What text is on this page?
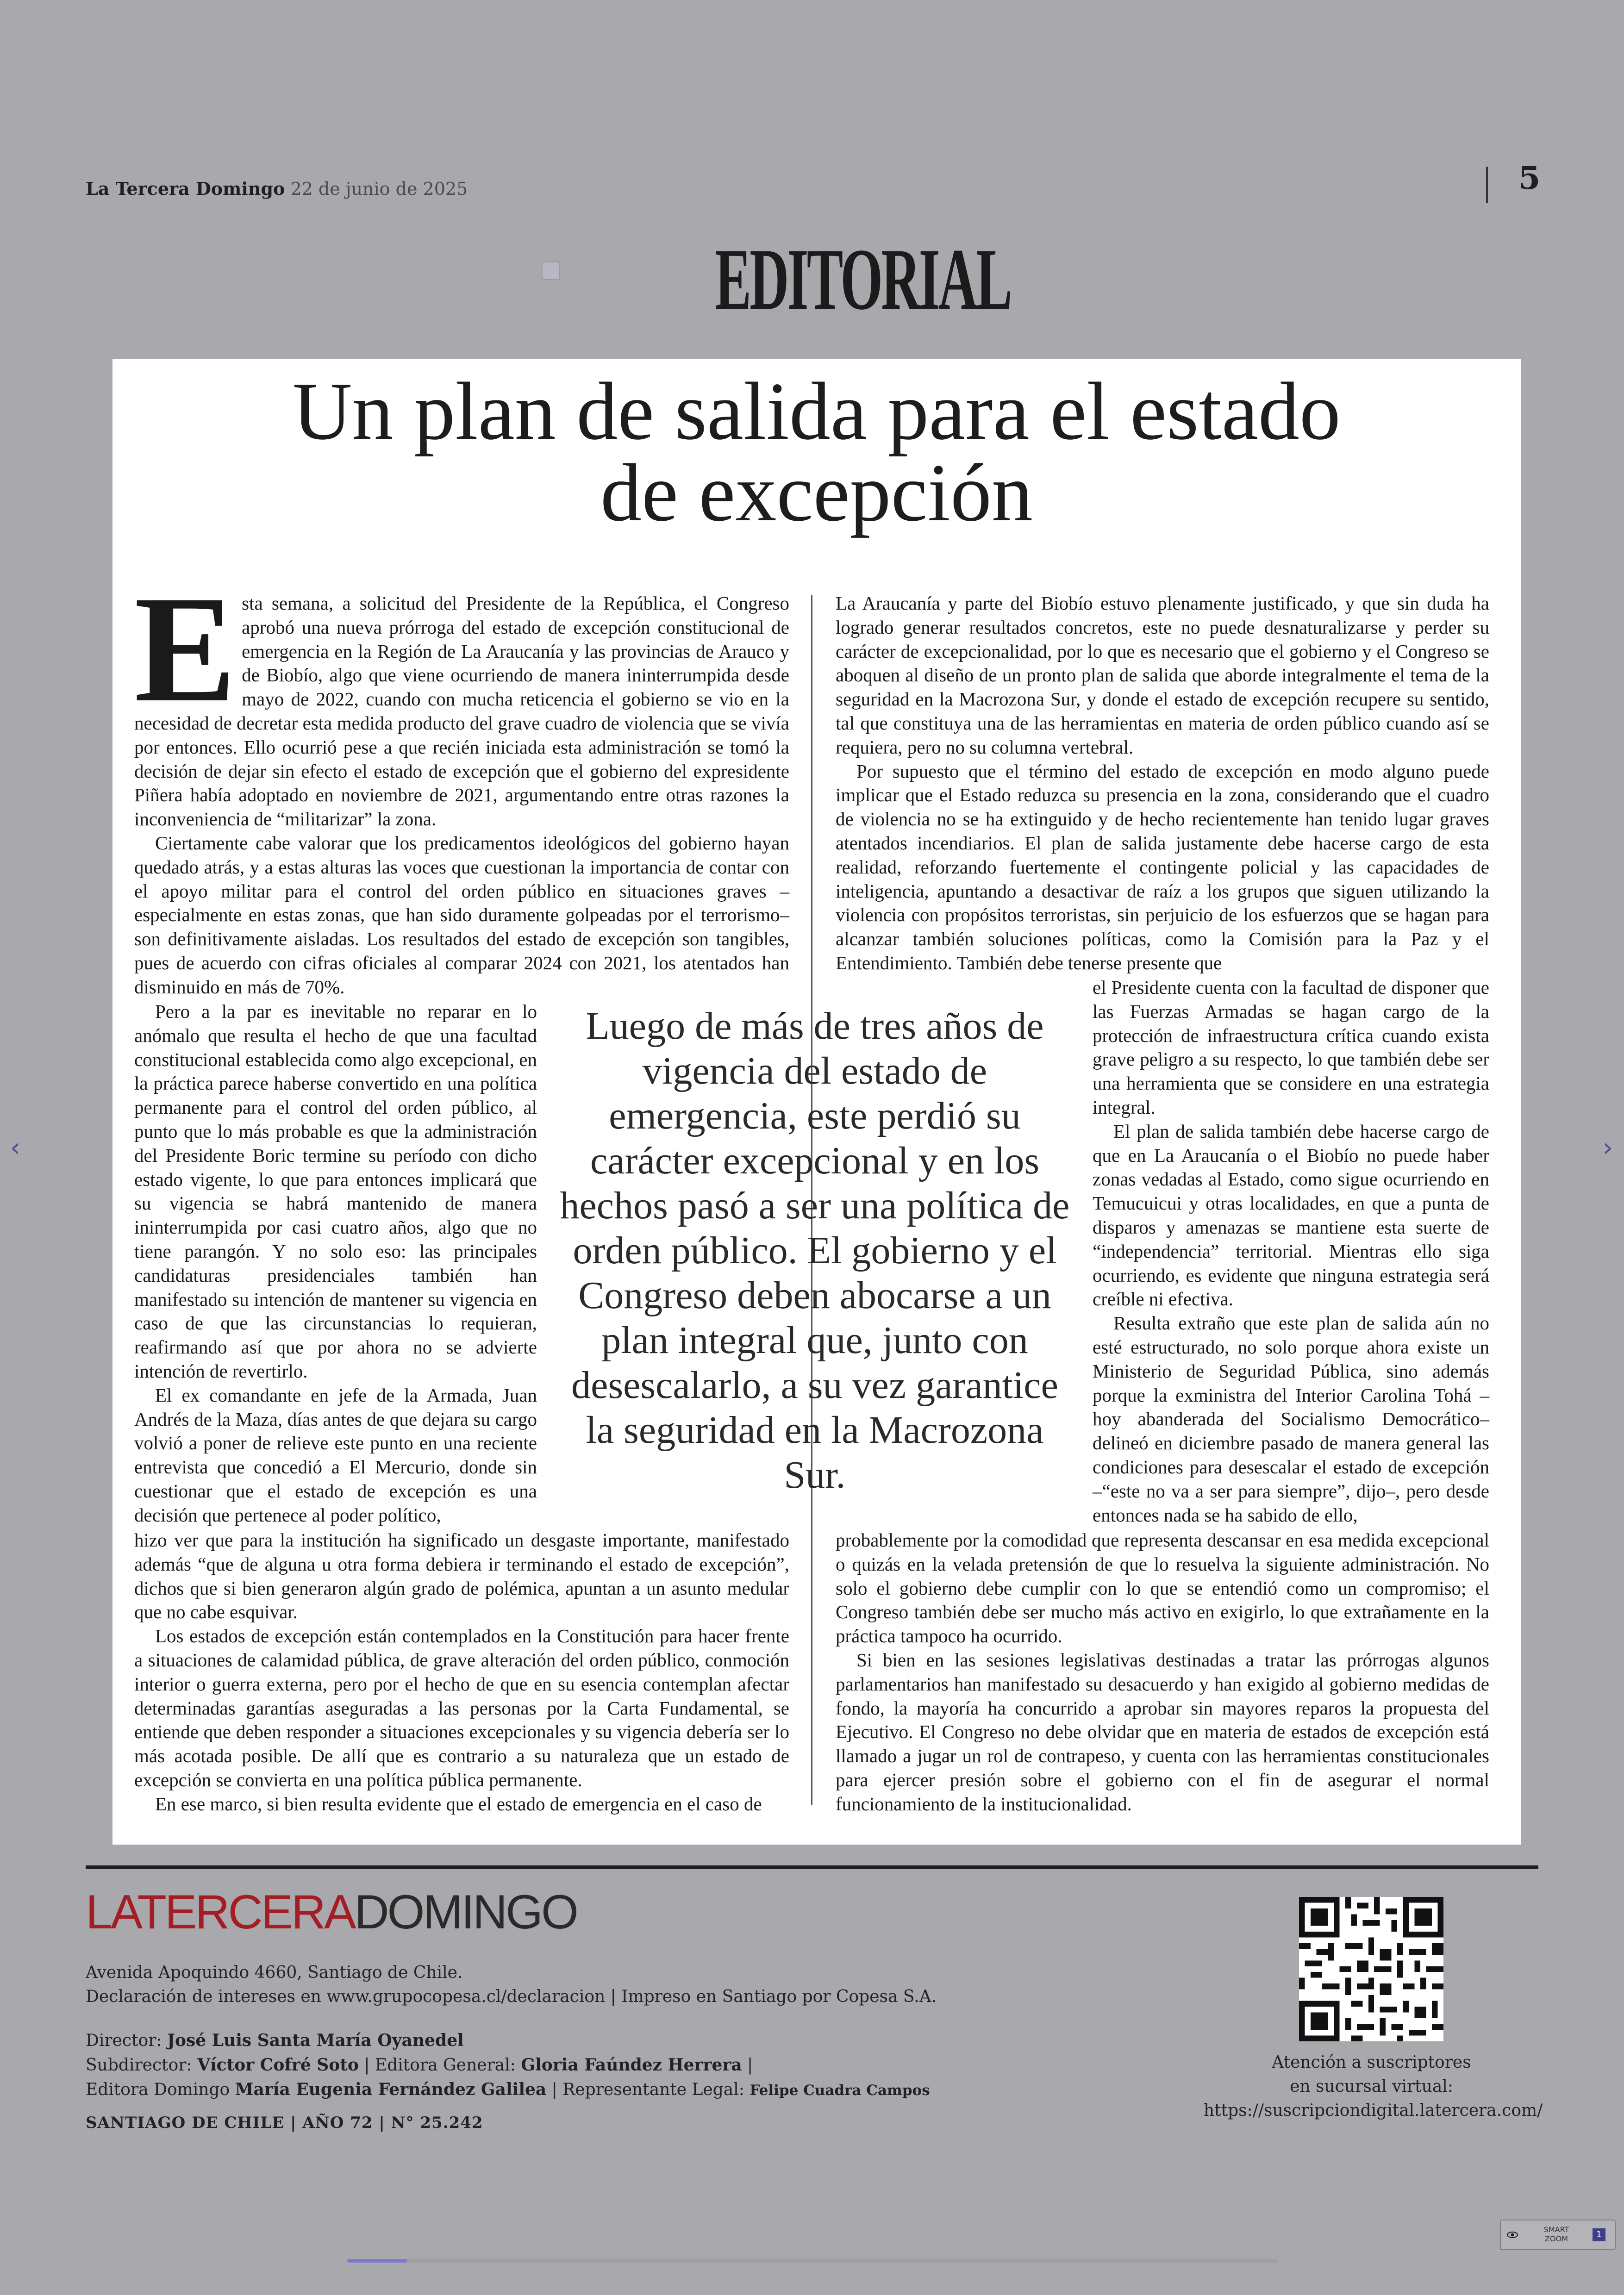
La Tercera Domingo 22 de junio de 2025	5
EDITORIAL
Un plan de salida para el estado
de excepción

Esta semana, a solicitud del Presidente de la República, el Congreso aprobó una nueva prórroga del estado de excepción constitucional de emergencia en la Región de La Araucanía y las provincias de Arauco y de Biobío, algo que viene ocurriendo de manera ininterrumpida desde mayo de 2022, cuando con mucha reticencia el gobierno se vio en la necesidad de decretar esta medida producto del grave cuadro de violencia que se vivía por entonces. Ello ocurrió pese a que recién iniciada esta administración se tomó la decisión de dejar sin efecto el estado de excepción que el gobierno del expresidente Piñera había adoptado en noviembre de 2021, argumentando entre otras razones la inconveniencia de “militarizar” la zona.

Ciertamente cabe valorar que los predicamentos ideológicos del gobierno hayan quedado atrás, y a estas alturas las voces que cuestionan la importancia de contar con el apoyo militar para el control del orden público en situaciones graves –especialmente en estas zonas, que han sido duramente golpeadas por el terrorismo– son definitivamente aisladas. Los resultados del estado de excepción son tangibles, pues de acuerdo con cifras oficiales al comparar 2024 con 2021, los atentados han disminuido en más de 70%.

Pero a la par es inevitable no reparar en lo anómalo que resulta el hecho de que una facultad constitucional establecida como algo excepcional, en la práctica parece haberse convertido en una política permanente para el control del orden público, al punto que lo más probable es que la administración del Presidente Boric termine su período con dicho estado vigente, lo que para entonces implicará que su vigencia se habrá mantenido de manera ininterrumpida por casi cuatro años, algo que no tiene parangón. Y no solo eso: las principales candidaturas presidenciales también han manifestado su intención de mantener su vigencia en caso de que las circunstancias lo requieran, reafirmando así que por ahora no se advierte intención de revertirlo.

El ex comandante en jefe de la Armada, Juan Andrés de la Maza, días antes de que dejara su cargo volvió a poner de relieve este punto en una reciente entrevista que concedió a El Mercurio, donde sin cuestionar que el estado de excepción es una decisión que pertenece al poder político,

hizo ver que para la institución ha significado un desgaste importante, manifestado además “que de alguna u otra forma debiera ir terminando el estado de excepción”, dichos que si bien generaron algún grado de polémica, apuntan a un asunto medular que no cabe esquivar.

Los estados de excepción están contemplados en la Constitución para hacer frente a situaciones de calamidad pública, de grave alteración del orden público, conmoción interior o guerra externa, pero por el hecho de que en su esencia contemplan afectar determinadas garantías aseguradas a las personas por la Carta Fundamental, se entiende que deben responder a situaciones excepcionales y su vigencia debería ser lo más acotada posible. De allí que es contrario a su naturaleza que un estado de excepción se convierta en una política pública permanente.

En ese marco, si bien resulta evidente que el estado de emergencia en el caso de

La Araucanía y parte del Biobío estuvo plenamente justificado, y que sin duda ha logrado generar resultados concretos, este no puede desnaturalizarse y perder su carácter de excepcionalidad, por lo que es necesario que el gobierno y el Congreso se aboquen al diseño de un pronto plan de salida que aborde integralmente el tema de la seguridad en la Macrozona Sur, y donde el estado de excepción recupere su sentido, tal que constituya una de las herramientas en materia de orden público cuando así se requiera, pero no su columna vertebral.

Por supuesto que el término del estado de excepción en modo alguno puede implicar que el Estado reduzca su presencia en la zona, considerando que el cuadro de violencia no se ha extinguido y de hecho recientemente han tenido lugar graves atentados incendiarios. El plan de salida justamente debe hacerse cargo de esta realidad, reforzando fuertemente el contingente policial y las capacidades de inteligencia, apuntando a desactivar de raíz a los grupos que siguen utilizando la violencia con propósitos terroristas, sin perjuicio de los esfuerzos que se hagan para alcanzar también soluciones políticas, como la Comisión para la Paz y el Entendimiento. También debe tenerse presente que

el Presidente cuenta con la facultad de disponer que las Fuerzas Armadas se hagan cargo de la protección de infraestructura crítica cuando exista grave peligro a su respecto, lo que también debe ser una herramienta que se considere en una estrategia integral.

El plan de salida también debe hacerse cargo de que en La Araucanía o el Biobío no puede haber zonas vedadas al Estado, como sigue ocurriendo en Temucuicui y otras localidades, en que a punta de disparos y amenazas se mantiene esta suerte de “independencia” territorial. Mientras ello siga ocurriendo, es evidente que ninguna estrategia será creíble ni efectiva.

Resulta extraño que este plan de salida aún no esté estructurado, no solo porque ahora existe un Ministerio de Seguridad Pública, sino además porque la exministra del Interior Carolina Tohá –hoy abanderada del Socialismo Democrático– delineó en diciembre pasado de manera general las condiciones para desescalar el estado de excepción –“este no va a ser para siempre”, dijo–, pero desde entonces nada se ha sabido de ello,

probablemente por la comodidad que representa descansar en esa medida excepcional o quizás en la velada pretensión de que lo resuelva la siguiente administración. No solo el gobierno debe cumplir con lo que se entendió como un compromiso; el Congreso también debe ser mucho más activo en exigirlo, lo que extrañamente en la práctica tampoco ha ocurrido.

Si bien en las sesiones legislativas destinadas a tratar las prórrogas algunos parlamentarios han manifestado su desacuerdo y han exigido al gobierno medidas de fondo, la mayoría ha concurrido a aprobar sin mayores reparos la propuesta del Ejecutivo. El Congreso no debe olvidar que en materia de estados de excepción está llamado a jugar un rol de contrapeso, y cuenta con las herramientas constitucionales para ejercer presión sobre el gobierno con el fin de asegurar el normal funcionamiento de la institucionalidad.

Luego de más de tres años de vigencia del estado de emergencia, este perdió su carácter excepcional y en los hechos pasó a ser una política de orden público. El gobierno y el Congreso deben abocarse a un plan integral que, junto con desescalarlo, a su vez garantice la seguridad en la Macrozona Sur.
LATERCERADOMINGO
Avenida Apoquindo 4660, Santiago de Chile.
Declaración de intereses en www.grupocopesa.cl/declaracion | Impreso en Santiago por Copesa S.A.
Director: José Luis Santa María Oyanedel
Subdirector: Víctor Cofré Soto | Editora General: Gloria Faúndez Herrera |
Editora Domingo María Eugenia Fernández Galilea | Representante Legal: Felipe Cuadra Campos
SANTIAGO DE CHILE | AÑO 72 | N° 25.242
Atención a suscriptores
en sucursal virtual:
https://suscripciondigital.latercera.com/
‹	›
SMART
ZOOM	1
